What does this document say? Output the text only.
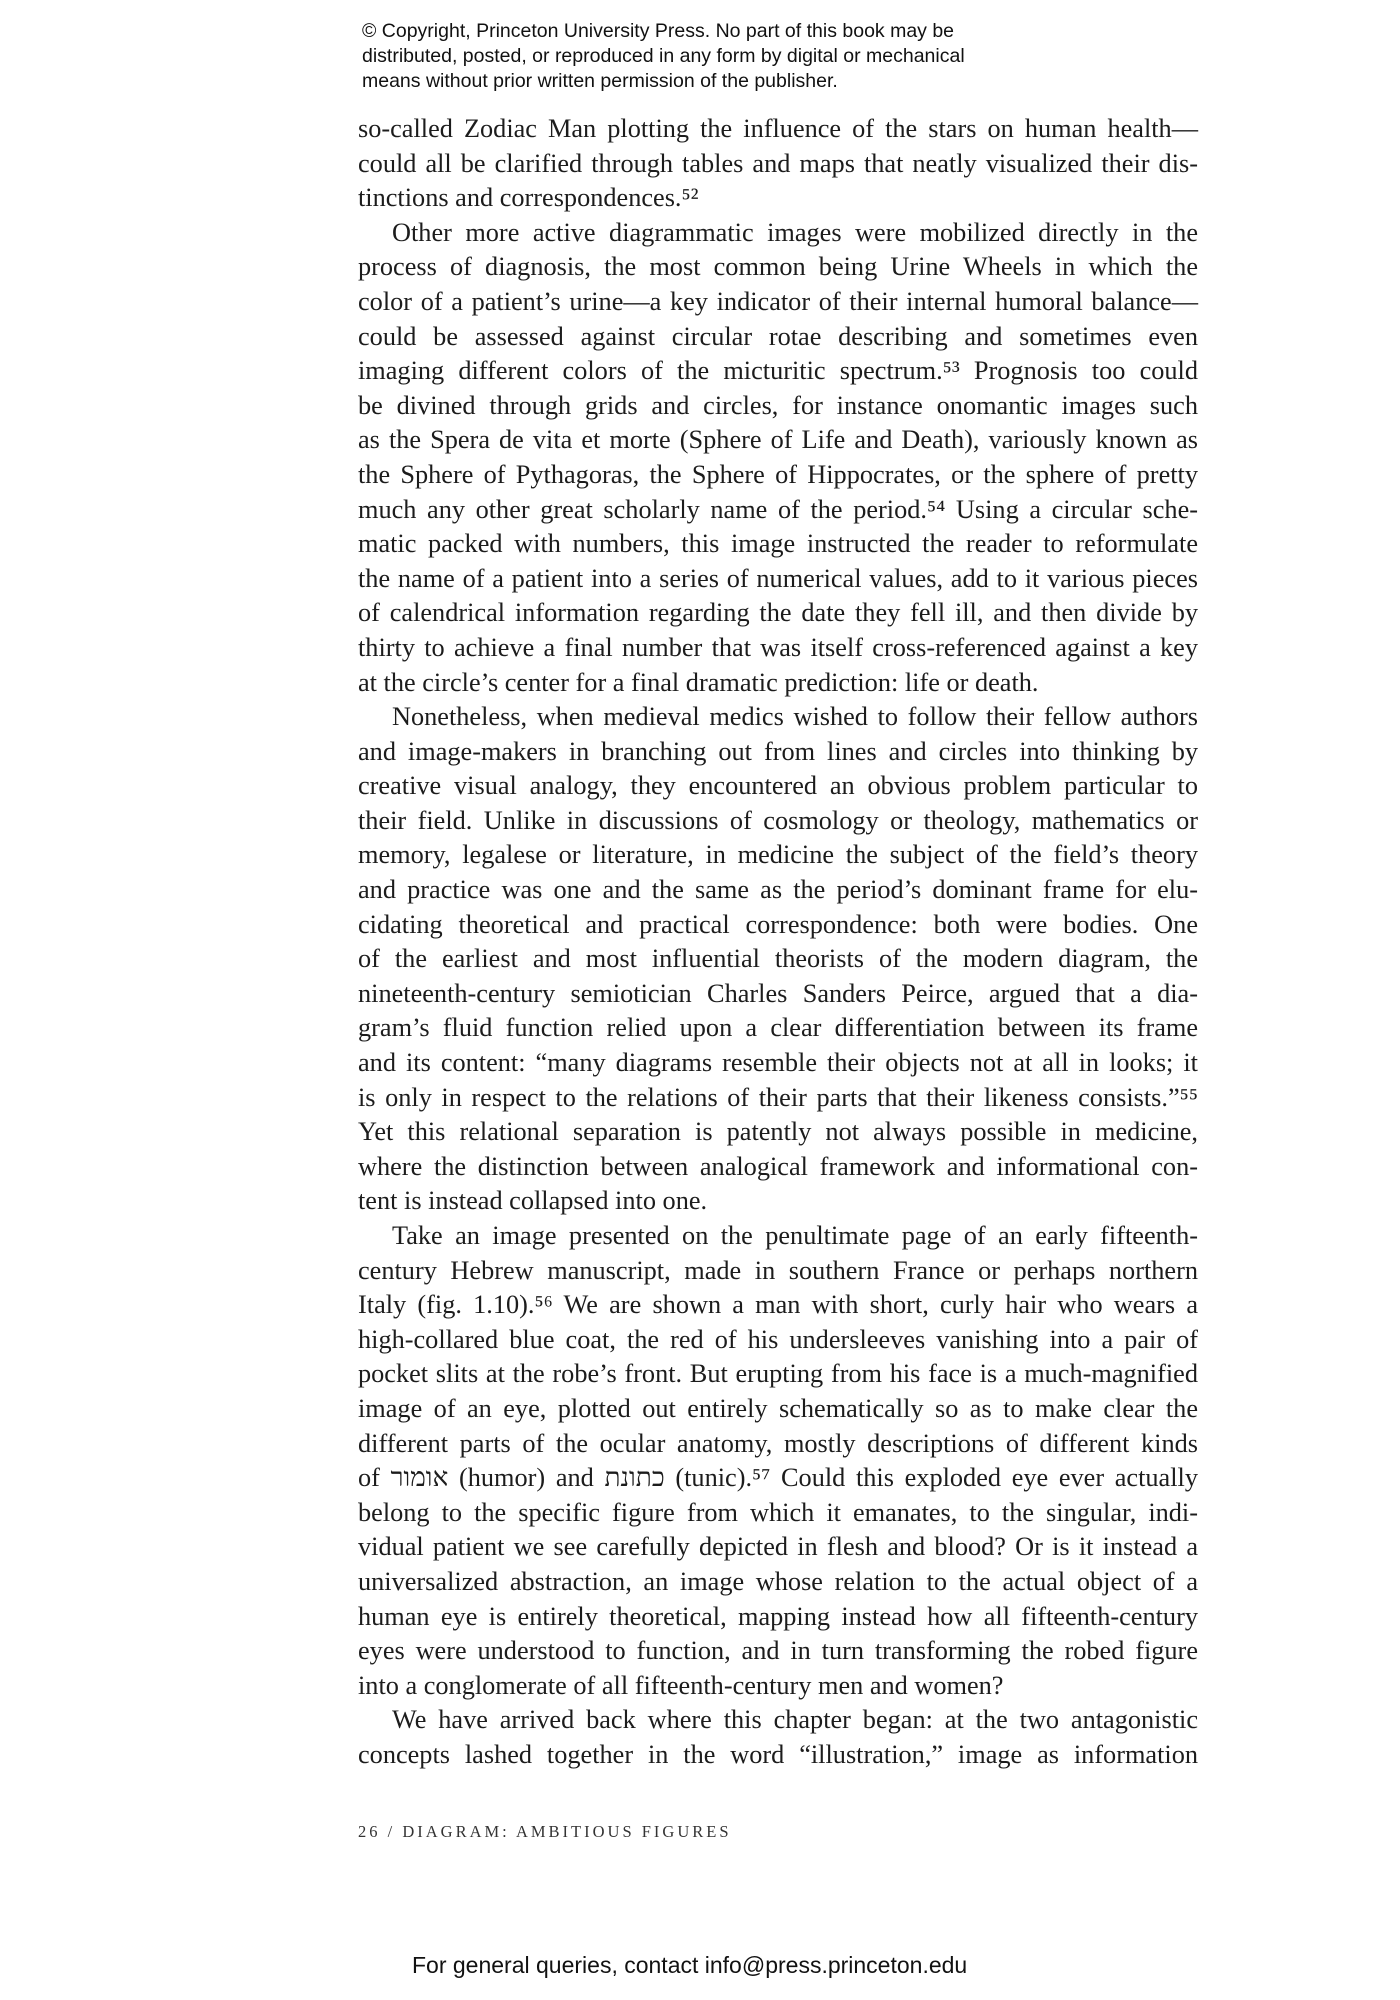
© Copyright, Princeton University Press. No part of this book may be
distributed, posted, or reproduced in any form by digital or mechanical
means without prior written permission of the publisher.
so-called Zodiac Man plotting the influence of the stars on human health—
could all be clarified through tables and maps that neatly visualized their dis-
tinctions and correspondences.⁵²
Other more active diagrammatic images were mobilized directly in the
process of diagnosis, the most common being Urine Wheels in which the
color of a patient’s urine—a key indicator of their internal humoral balance—
could be assessed against circular rotae describing and sometimes even
imaging different colors of the micturitic spectrum.⁵³ Prognosis too could
be divined through grids and circles, for instance onomantic images such
as the Spera de vita et morte (Sphere of Life and Death), variously known as
the Sphere of Pythagoras, the Sphere of Hippocrates, or the sphere of pretty
much any other great scholarly name of the period.⁵⁴ Using a circular sche-
matic packed with numbers, this image instructed the reader to reformulate
the name of a patient into a series of numerical values, add to it various pieces
of calendrical information regarding the date they fell ill, and then divide by
thirty to achieve a final number that was itself cross-referenced against a key
at the circle’s center for a final dramatic prediction: life or death.
Nonetheless, when medieval medics wished to follow their fellow authors
and image-makers in branching out from lines and circles into thinking by
creative visual analogy, they encountered an obvious problem particular to
their field. Unlike in discussions of cosmology or theology, mathematics or
memory, legalese or literature, in medicine the subject of the field’s theory
and practice was one and the same as the period’s dominant frame for elu-
cidating theoretical and practical correspondence: both were bodies. One
of the earliest and most influential theorists of the modern diagram, the
nineteenth-century semiotician Charles Sanders Peirce, argued that a dia-
gram’s fluid function relied upon a clear differentiation between its frame
and its content: “many diagrams resemble their objects not at all in looks; it
is only in respect to the relations of their parts that their likeness consists.”⁵⁵
Yet this relational separation is patently not always possible in medicine,
where the distinction between analogical framework and informational con-
tent is instead collapsed into one.
Take an image presented on the penultimate page of an early fifteenth-
century Hebrew manuscript, made in southern France or perhaps northern
Italy (fig. 1.10).⁵⁶ We are shown a man with short, curly hair who wears a
high-collared blue coat, the red of his undersleeves vanishing into a pair of
pocket slits at the robe’s front. But erupting from his face is a much-magnified
image of an eye, plotted out entirely schematically so as to make clear the
different parts of the ocular anatomy, mostly descriptions of different kinds
of אומור (humor) and כתונת (tunic).⁵⁷ Could this exploded eye ever actually
belong to the specific figure from which it emanates, to the singular, indi-
vidual patient we see carefully depicted in flesh and blood? Or is it instead a
universalized abstraction, an image whose relation to the actual object of a
human eye is entirely theoretical, mapping instead how all fifteenth-century
eyes were understood to function, and in turn transforming the robed figure
into a conglomerate of all fifteenth-century men and women?
We have arrived back where this chapter began: at the two antagonistic
concepts lashed together in the word “illustration,” image as information
26 / DIAGRAM: AMBITIOUS FIGURES
For general queries, contact info@press.princeton.edu
